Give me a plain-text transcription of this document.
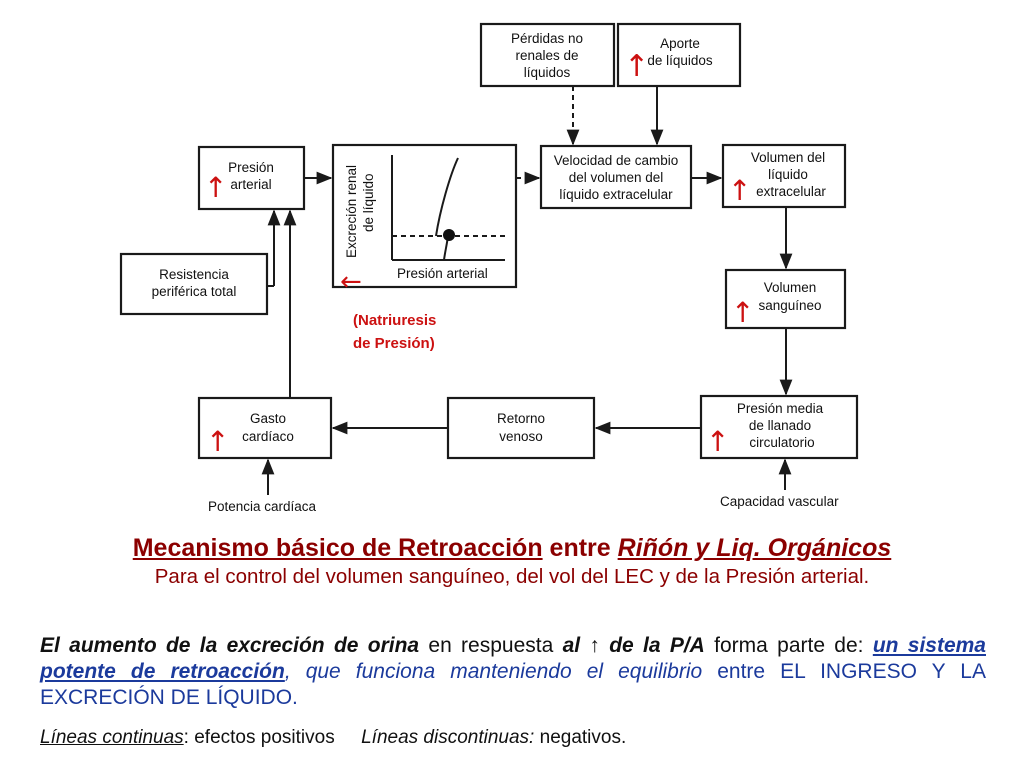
Pérdidas no
renales de
líquidos ↑
Aporte
de líquidos
↑
Presión
arterial	Excreción renal de líquido
Presión arterial
←
(Natriuresis
de Presión)
Velocidad de cambio
del volumen del
líquido extracelular ↑
Volumen del
líquido
extracelular
Resistencia
periférica total
↑
Volumen
sanguíneo
↑
Presión media
de llanado
circulatorio
Retorno
venoso
↑
Gasto
cardíaco
Potencia cardíaca	Capacidad vascular
Mecanismo básico de Retroacción entre Riñón y Liq. Orgánicos
Para el control del volumen sanguíneo, del vol del LEC y de la Presión arterial.
El aumento de la excreción de orina en respuesta al ↑ de la P/A forma parte de: un sistema potente de retroacción, que funciona manteniendo el equilibrio entre EL INGRESO Y LA EXCRECIÓN DE LÍQUIDO.
Líneas continuas: efectos positivos Líneas discontinuas: negativos.
